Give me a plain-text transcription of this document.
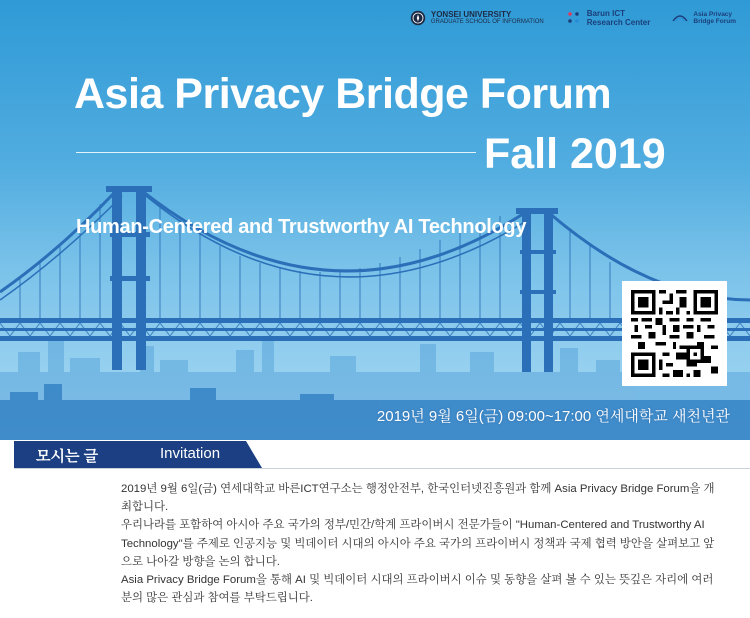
YONSEI UNIVERSITY
GRADUATE SCHOOL OF INFORMATION
Barun ICT
Research Center
Asia Privacy
Bridge Forum
Asia Privacy Bridge Forum
Fall 2019
Human-Centered and Trustworthy AI Technology
2019년 9월 6일(금) 09:00~17:00 연세대학교 새천년관
모시는 글	Invitation

2019년 9월 6일(금) 연세대학교 바른ICT연구소는 행정안전부, 한국인터넷진흥원과 함께 Asia Privacy Bridge Forum을 개최합니다.

우리나라를 포함하여 아시아 주요 국가의 정부/민간/학계 프라이버시 전문가들이 "Human-Centered and Trustworthy AI Technology"를 주제로 인공지능 및 빅데이터 시대의 아시아 주요 국가의 프라이버시 정책과 국제 협력 방안을 살펴보고 앞으로 나아갈 방향을 논의 합니다.

Asia Privacy Bridge Forum을 통해 AI 및 빅데이터 시대의 프라이버시 이슈 및 동향을 살펴 볼 수 있는 뜻깊은 자리에 여러분의 많은 관심과 참여를 부탁드립니다.
